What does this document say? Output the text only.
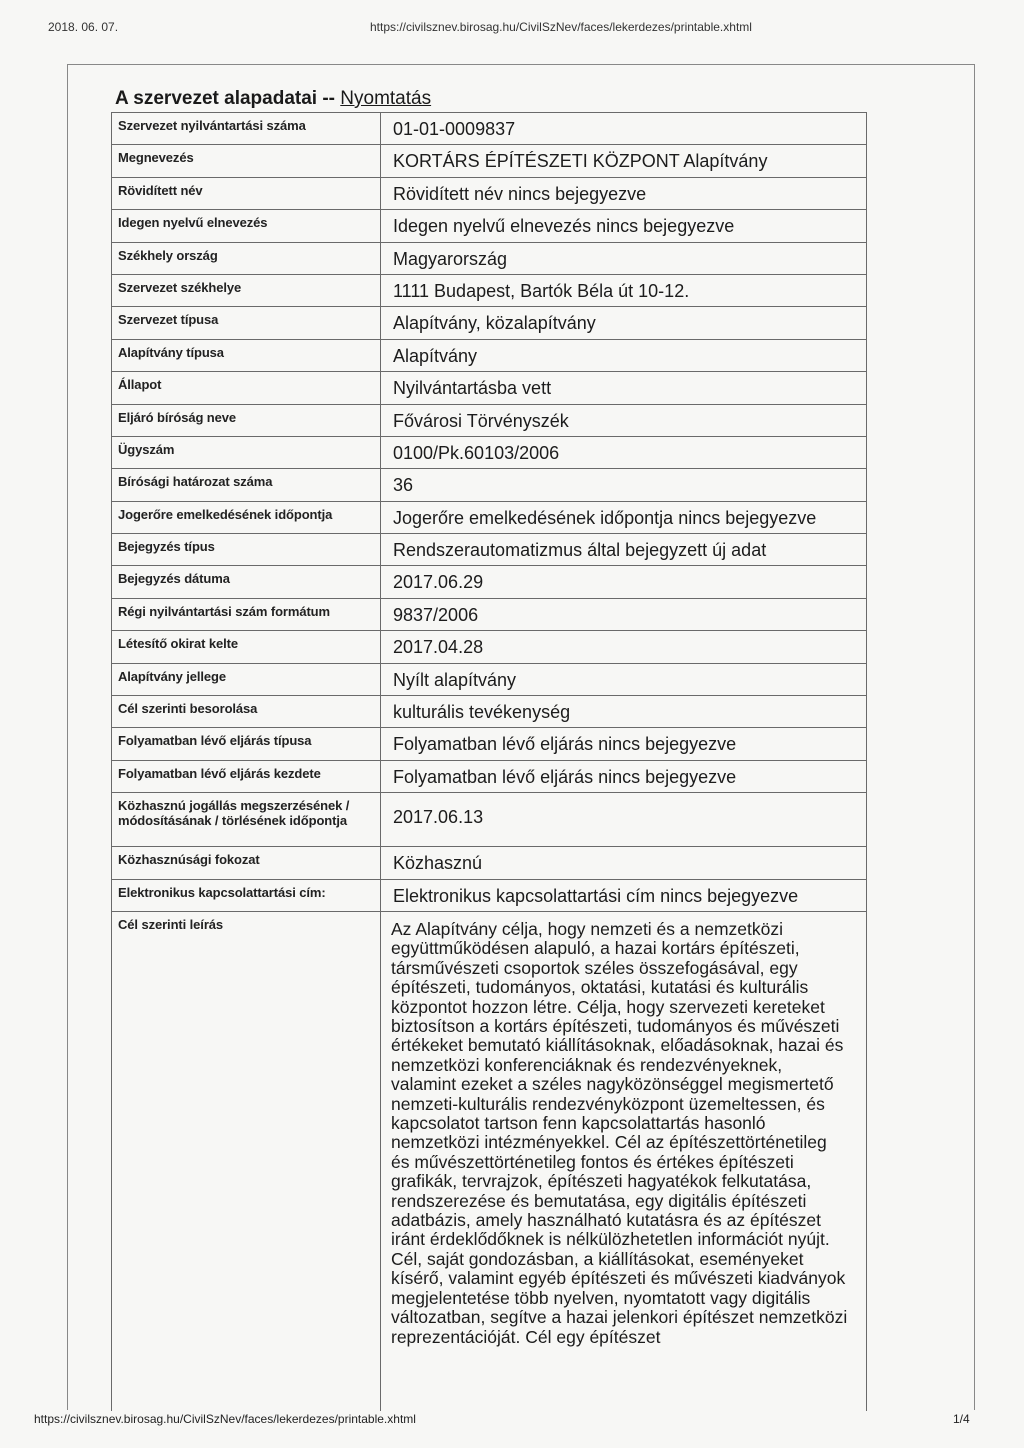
2018. 06. 07.	https://civilsznev.birosag.hu/CivilSzNev/faces/lekerdezes/printable.xhtml
A szervezet alapadatai -- Nyomtatás
Szervezet nyilvántartási száma	01-01-0009837
Megnevezés	KORTÁRS ÉPÍTÉSZETI KÖZPONT Alapítvány
Rövidített név	Rövidített név nincs bejegyezve
Idegen nyelvű elnevezés	Idegen nyelvű elnevezés nincs bejegyezve
Székhely ország	Magyarország
Szervezet székhelye	1111 Budapest, Bartók Béla út 10-12.
Szervezet típusa	Alapítvány, közalapítvány
Alapítvány típusa	Alapítvány
Állapot	Nyilvántartásba vett
Eljáró bíróság neve	Fővárosi Törvényszék
Ügyszám	0100/Pk.60103/2006
Bírósági határozat száma	36
Jogerőre emelkedésének időpontja	Jogerőre emelkedésének időpontja nincs bejegyezve
Bejegyzés típus	Rendszerautomatizmus által bejegyzett új adat
Bejegyzés dátuma	2017.06.29
Régi nyilvántartási szám formátum	9837/2006
Létesítő okirat kelte	2017.04.28
Alapítvány jellege	Nyílt alapítvány
Cél szerinti besorolása	kulturális tevékenység
Folyamatban lévő eljárás típusa	Folyamatban lévő eljárás nincs bejegyezve
Folyamatban lévő eljárás kezdete	Folyamatban lévő eljárás nincs bejegyezve
Közhasznú jogállás megszerzésének / módosításának / törlésének időpontja	2017.06.13
Közhasznúsági fokozat	Közhasznú
Elektronikus kapcsolattartási cím:	Elektronikus kapcsolattartási cím nincs bejegyezve
Cél szerinti leírás	Az Alapítvány célja, hogy nemzeti és a nemzetközi együttműködésen alapuló, a hazai kortárs építészeti, társművészeti csoportok széles összefogásával, egy építészeti, tudományos, oktatási, kutatási és kulturális központot hozzon létre. Célja, hogy szervezeti kereteket biztosítson a kortárs építészeti, tudományos és művészeti értékeket bemutató kiállításoknak, előadásoknak, hazai és nemzetközi konferenciáknak és rendezvényeknek, valamint ezeket a széles nagyközönséggel megismertető nemzeti-kulturális rendezvényközpont üzemeltessen, és kapcsolatot tartson fenn kapcsolattartás hasonló nemzetközi intézményekkel. Cél az építészettörténetileg és művészettörténetileg fontos és értékes építészeti grafikák, tervrajzok, építészeti hagyatékok felkutatása, rendszerezése és bemutatása, egy digitális építészeti adatbázis, amely használható kutatásra és az építészet iránt érdeklődőknek is nélkülözhetetlen információt nyújt. Cél, saját gondozásban, a kiállításokat, eseményeket kísérő, valamint egyéb építészeti és művészeti kiadványok megjelentetése több nyelven, nyomtatott vagy digitális változatban, segítve a hazai jelenkori építészet nemzetközi reprezentációját. Cél egy építészet
https://civilsznev.birosag.hu/CivilSzNev/faces/lekerdezes/printable.xhtml	1/4
